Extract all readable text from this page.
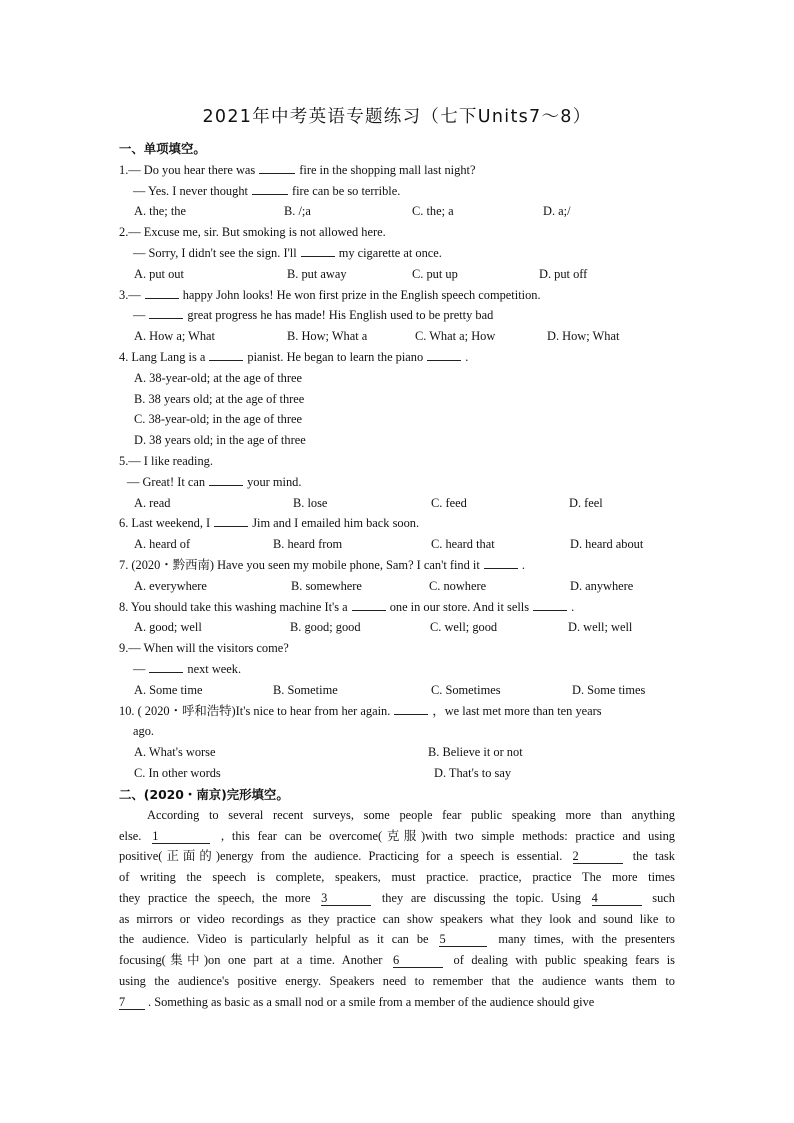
2021年中考英语专题练习（七下Units7～8）
一、单项填空。
1.— Do you hear there was	fire in the shopping mall last night?
— Yes. I never thought	fire can be so terrible.
A. the; the	B. /;a	C. the; a	D. a;/
2.— Excuse me, sir. But smoking is not allowed here.
— Sorry, I didn't see the sign. I'll	my cigarette at once.
A. put out	B. put away	C. put up	D. put off
3.—	happy John looks! He won first prize in the English speech competition.
—	great progress he has made! His English used to be pretty bad
A. How a; What	B. How; What a	C. What a; How	D. How; What
4. Lang Lang is a	pianist. He began to learn the piano	.
A. 38-year-old; at the age of three
B. 38 years old; at the age of three
C. 38-year-old; in the age of three
D. 38 years old; in the age of three
5.— I like reading.
— Great! It can	your mind.
A. read	B. lose	C. feed	D. feel
6. Last weekend, I	Jim and I emailed him back soon.
A. heard of	B. heard from	C. heard that	D. heard about
7. (2020・黔西南) Have you seen my mobile phone, Sam? I can't find it	.
A. everywhere	B. somewhere	C. nowhere	D. anywhere
8. You should take this washing machine It's a	one in our store. And it sells	.
A. good; well	B. good; good	C. well; good	D. well; well
9.— When will the visitors come?
—	next week.
A. Some time	B. Sometime	C. Sometimes	D. Some times
10. ( 2020・呼和浩特)It's nice to hear from her again.	，we last met more than ten years
ago.
A. What's worse	B. Believe it or not
C. In other words	D. That's to say
二、(2020・南京)完形填空。
According to several recent surveys, some people fear public speaking more than anything
else. 1	, this fear can be overcome(克服)with two simple methods: practice and using
positive(正面的)energy from the audience. Practicing for a speech is essential. 2	the task
of writing the speech is complete, speakers, must practice. practice, practice The more times
they practice the speech, the more 3	they are discussing the topic. Using 4	such
as mirrors or video recordings as they practice can show speakers what they look and sound like to
the audience. Video is particularly helpful as it can be 5	many times, with the presenters
focusing(集中)on one part at a time. Another 6	of dealing with public speaking fears is
using the audience's positive energy. Speakers need to remember that the audience wants them to
7 . Something as basic as a small nod or a smile from a member of the audience should give
